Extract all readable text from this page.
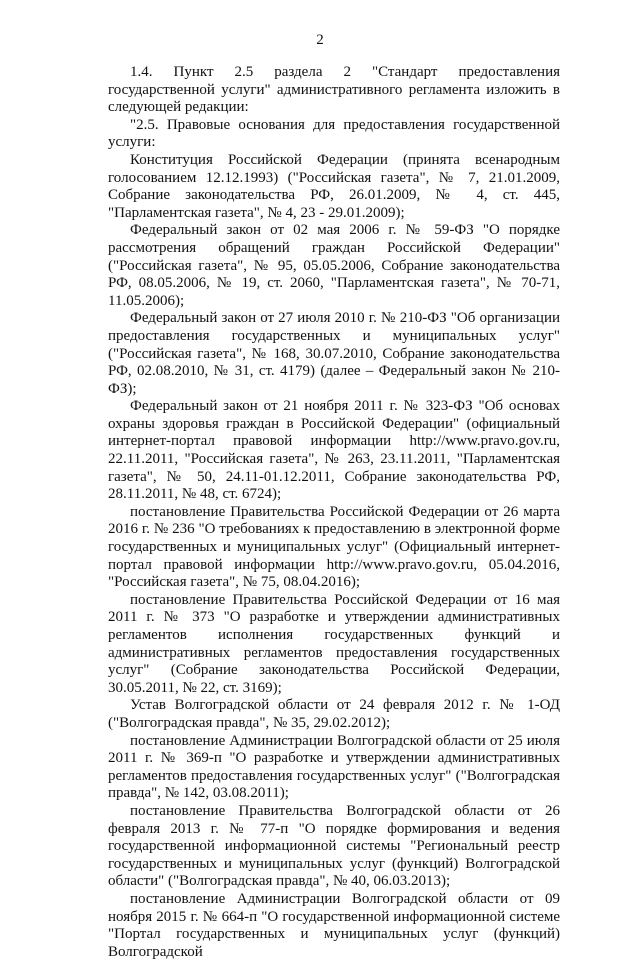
2

1.4. Пункт 2.5 раздела 2 "Стандарт предоставления государственной услуги" административного регламента изложить в следующей редакции:

"2.5. Правовые основания для предоставления государственной услуги:

Конституция Российской Федерации (принята всенародным голосованием 12.12.1993) ("Российская газета", № 7, 21.01.2009, Собрание законодательства РФ, 26.01.2009, № 4, ст. 445, "Парламентская газета", № 4, 23 - 29.01.2009);

Федеральный закон от 02 мая 2006 г. № 59-ФЗ "О порядке рассмотрения обращений граждан Российской Федерации" ("Российская газета", № 95, 05.05.2006, Собрание законодательства РФ, 08.05.2006, № 19, ст. 2060, "Парламентская газета", № 70-71, 11.05.2006);

Федеральный закон от 27 июля 2010 г. № 210-ФЗ "Об организации предоставления государственных и муниципальных услуг" ("Российская газета", № 168, 30.07.2010, Собрание законодательства РФ, 02.08.2010, № 31, ст. 4179) (далее – Федеральный закон № 210-ФЗ);

Федеральный закон от 21 ноября 2011 г. № 323-ФЗ "Об основах охраны здоровья граждан в Российской Федерации" (официальный интернет-портал правовой информации http://www.pravo.gov.ru, 22.11.2011, "Российская газета", № 263, 23.11.2011, "Парламентская газета", № 50, 24.11-01.12.2011, Собрание законодательства РФ, 28.11.2011, № 48, ст. 6724);

постановление Правительства Российской Федерации от 26 марта 2016 г. № 236 "О требованиях к предоставлению в электронной форме государственных и муниципальных услуг" (Официальный интернет-портал правовой информации http://www.pravo.gov.ru, 05.04.2016, "Российская газета", № 75, 08.04.2016);

постановление Правительства Российской Федерации от 16 мая 2011 г. № 373 "О разработке и утверждении административных регламентов исполнения государственных функций и административных регламентов предоставления государственных услуг" (Собрание законодательства Российской Федерации, 30.05.2011, № 22, ст. 3169);

Устав Волгоградской области от 24 февраля 2012 г. № 1-ОД ("Волгоградская правда", № 35, 29.02.2012);

постановление Администрации Волгоградской области от 25 июля 2011 г. № 369-п "О разработке и утверждении административных регламентов предоставления государственных услуг" ("Волгоградская правда", № 142, 03.08.2011);

постановление Правительства Волгоградской области от 26 февраля 2013 г. № 77-п "О порядке формирования и ведения государственной информационной системы "Региональный реестр государственных и муниципальных услуг (функций) Волгоградской области" ("Волгоградская правда", № 40, 06.03.2013);

постановление Администрации Волгоградской области от 09 ноября 2015 г. № 664-п "О государственной информационной системе "Портал государственных и муниципальных услуг (функций) Волгоградской
